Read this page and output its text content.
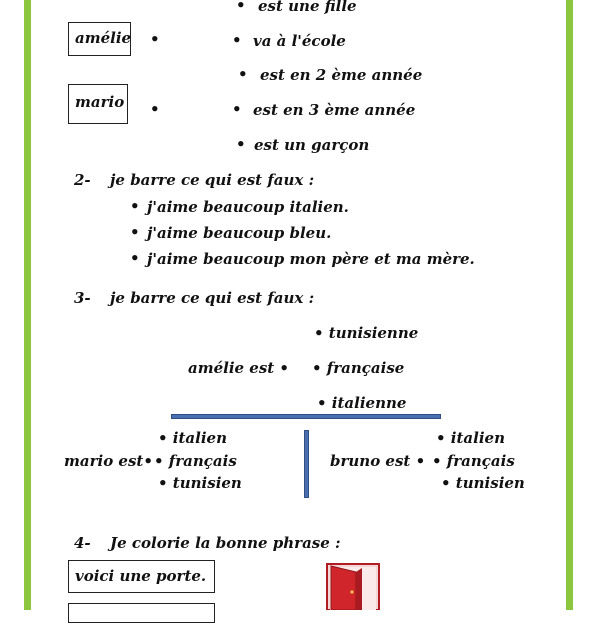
amélie •
mario •
• est une fille
• va à l'école
• est en 2 ème année
• est en 3 ème année
• est un garçon
2- je barre ce qui est faux :
• j'aime beaucoup italien.
• j'aime beaucoup bleu.
• j'aime beaucoup mon père et ma mère.
3- je barre ce qui est faux :
amélie est •
• tunisienne
• française
• italienne
mario est•
• italien
• français
• tunisien
bruno est •
• italien
• français
• tunisien
4- Je colorie la bonne phrase :
voici une porte.
